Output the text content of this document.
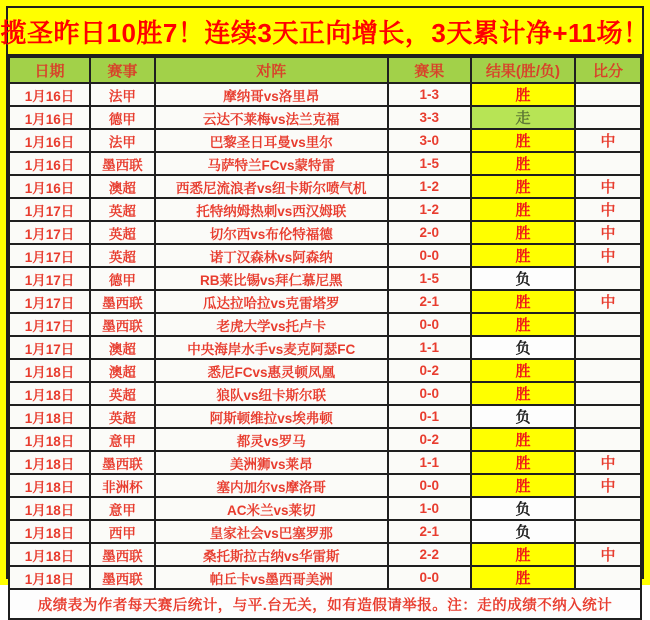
揽圣昨日10胜7！连续3天正向增长，3天累计净+11场！
日期	赛事	对阵	赛果	结果(胜/负)	比分
1月16日	法甲	摩纳哥vs洛里昂	1-3	胜	
1月16日	德甲	云达不莱梅vs法兰克福	3-3	走	
1月16日	法甲	巴黎圣日耳曼vs里尔	3-0	胜	中
1月16日	墨西联	马萨特兰FCvs蒙特雷	1-5	胜	
1月16日	澳超	西悉尼流浪者vs纽卡斯尔喷气机	1-2	胜	中
1月17日	英超	托特纳姆热刺vs西汉姆联	1-2	胜	中
1月17日	英超	切尔西vs布伦特福德	2-0	胜	中
1月17日	英超	诺丁汉森林vs阿森纳	0-0	胜	中
1月17日	德甲	RB莱比锡vs拜仁慕尼黑	1-5	负	
1月17日	墨西联	瓜达拉哈拉vs克雷塔罗	2-1	胜	中
1月17日	墨西联	老虎大学vs托卢卡	0-0	胜	
1月17日	澳超	中央海岸水手vs麦克阿瑟FC	1-1	负	
1月18日	澳超	悉尼FCvs惠灵顿凤凰	0-2	胜	
1月18日	英超	狼队vs纽卡斯尔联	0-0	胜	
1月18日	英超	阿斯顿维拉vs埃弗顿	0-1	负	
1月18日	意甲	都灵vs罗马	0-2	胜	
1月18日	墨西联	美洲狮vs莱昂	1-1	胜	中
1月18日	非洲杯	塞内加尔vs摩洛哥	0-0	胜	中
1月18日	意甲	AC米兰vs莱切	1-0	负	
1月18日	西甲	皇家社会vs巴塞罗那	2-1	负	
1月18日	墨西联	桑托斯拉古纳vs华雷斯	2-2	胜	中
1月18日	墨西联	帕丘卡vs墨西哥美洲	0-0	胜	
成绩表为作者每天赛后统计，与平.台无关，如有造假请举报。注：走的成绩不纳入统计					
